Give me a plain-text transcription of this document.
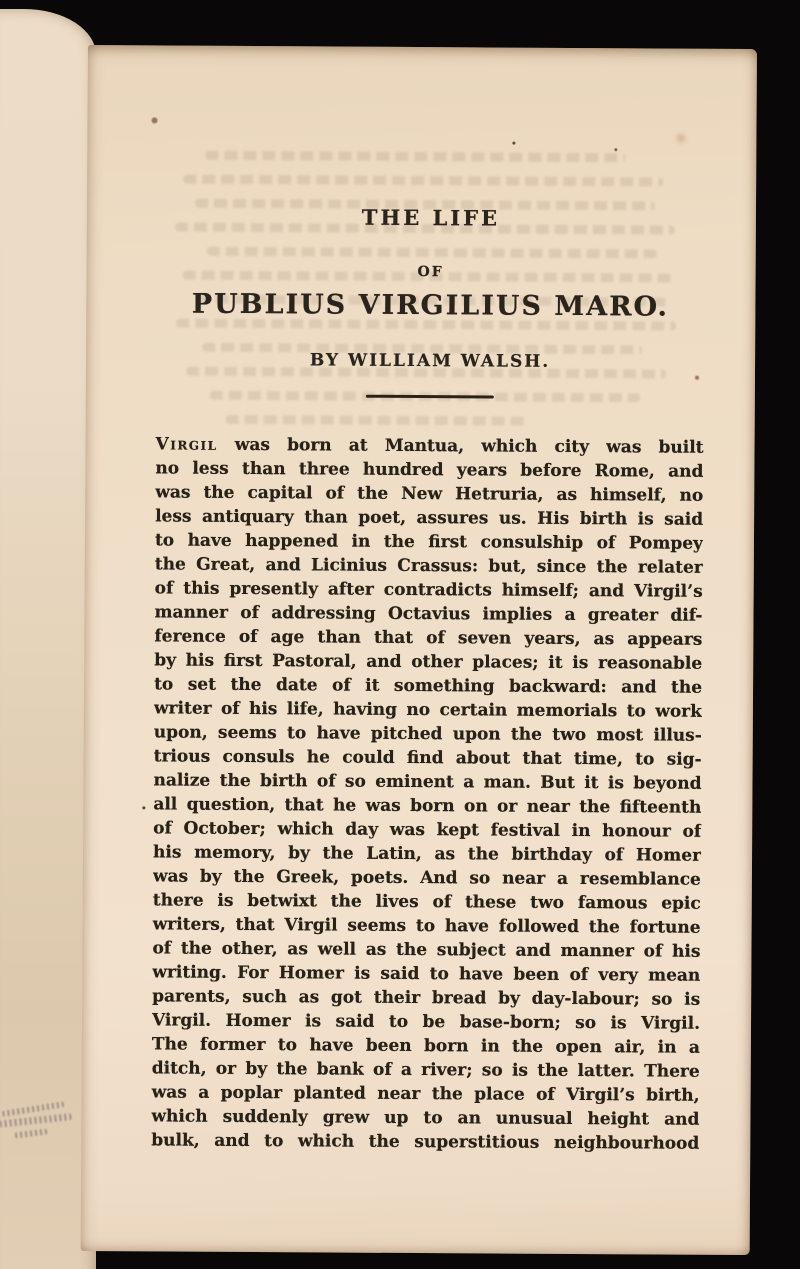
THE LIFE
OF
PUBLIUS VIRGILIUS MARO.
BY WILLIAM WALSH.
Virgil was born at Mantua, which city was built
no less than three hundred years before Rome, and
was the capital of the New Hetruria, as himself, no
less antiquary than poet, assures us. His birth is said
to have happened in the first consulship of Pompey
the Great, and Licinius Crassus: but, since the relater
of this presently after contradicts himself; and Virgil’s
manner of addressing Octavius implies a greater dif-
ference of age than that of seven years, as appears
by his first Pastoral, and other places; it is reasonable
to set the date of it something backward: and the
writer of his life, having no certain memorials to work
upon, seems to have pitched upon the two most illus-
trious consuls he could find about that time, to sig-
nalize the birth of so eminent a man. But it is beyond
all question, that he was born on or near the fifteenth
of October; which day was kept festival in honour of
his memory, by the Latin, as the birthday of Homer
was by the Greek, poets. And so near a resemblance
there is betwixt the lives of these two famous epic
writers, that Virgil seems to have followed the fortune
of the other, as well as the subject and manner of his
writing. For Homer is said to have been of very mean
parents, such as got their bread by day-labour; so is
Virgil. Homer is said to be base-born; so is Virgil.
The former to have been born in the open air, in a
ditch, or by the bank of a river; so is the latter. There
was a poplar planted near the place of Virgil’s birth,
which suddenly grew up to an unusual height and
bulk, and to which the superstitious neighbourhood
